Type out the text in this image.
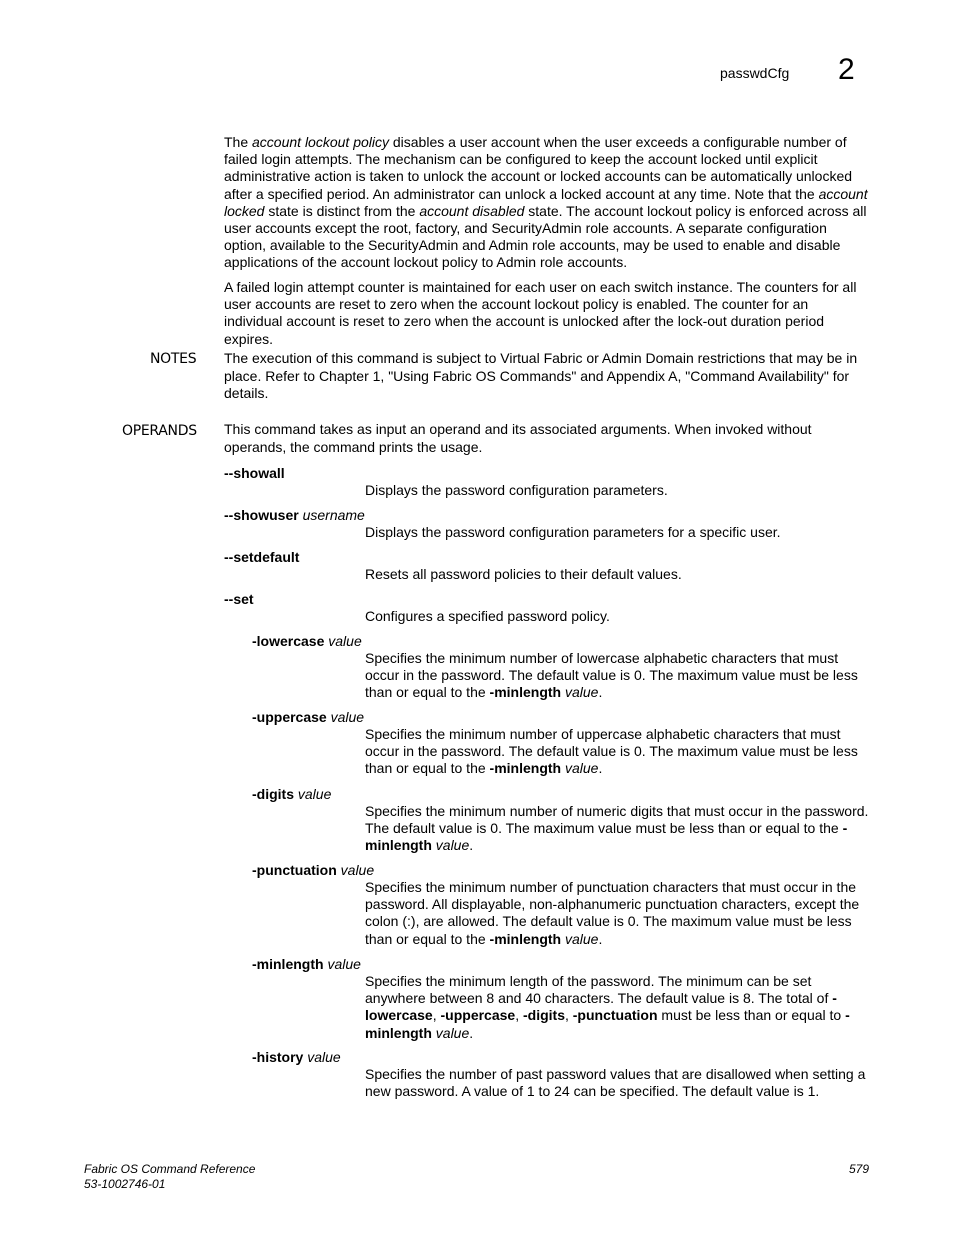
passwdCfg 2

The account lockout policy disables a user account when the user exceeds a configurable number of failed login attempts. The mechanism can be configured to keep the account locked until explicit administrative action is taken to unlock the account or locked accounts can be automatically unlocked after a specified period. An administrator can unlock a locked account at any time. Note that the account locked state is distinct from the account disabled state. The account lockout policy is enforced across all user accounts except the root, factory, and SecurityAdmin role accounts. A separate configuration option, available to the SecurityAdmin and Admin role accounts, may be used to enable and disable applications of the account lockout policy to Admin role accounts.

A failed login attempt counter is maintained for each user on each switch instance. The counters for all user accounts are reset to zero when the account lockout policy is enabled. The counter for an individual account is reset to zero when the account is unlocked after the lock-out duration period expires.

NOTES The execution of this command is subject to Virtual Fabric or Admin Domain restrictions that may be in place. Refer to Chapter 1, "Using Fabric OS Commands" and Appendix A, "Command Availability" for details.

OPERANDS This command takes as input an operand and its associated arguments. When invoked without operands, the command prints the usage.

--showall

Displays the password configuration parameters.

--showuser username

Displays the password configuration parameters for a specific user.

--setdefault

Resets all password policies to their default values.

--set

Configures a specified password policy.

-lowercase value

Specifies the minimum number of lowercase alphabetic characters that must occur in the password. The default value is 0. The maximum value must be less than or equal to the -minlength value.

-uppercase value

Specifies the minimum number of uppercase alphabetic characters that must occur in the password. The default value is 0. The maximum value must be less than or equal to the -minlength value.

-digits value

Specifies the minimum number of numeric digits that must occur in the password. The default value is 0. The maximum value must be less than or equal to the -minlength value.

-punctuation value

Specifies the minimum number of punctuation characters that must occur in the password. All displayable, non-alphanumeric punctuation characters, except the colon (:), are allowed. The default value is 0. The maximum value must be less than or equal to the -minlength value.

-minlength value

Specifies the minimum length of the password. The minimum can be set anywhere between 8 and 40 characters. The default value is 8. The total of -lowercase, -uppercase, -digits, -punctuation must be less than or equal to -minlength value.

-history value

Specifies the number of past password values that are disallowed when setting a new password. A value of 1 to 24 can be specified. The default value is 1.

Fabric OS Command Reference
53-1002746-01
579
